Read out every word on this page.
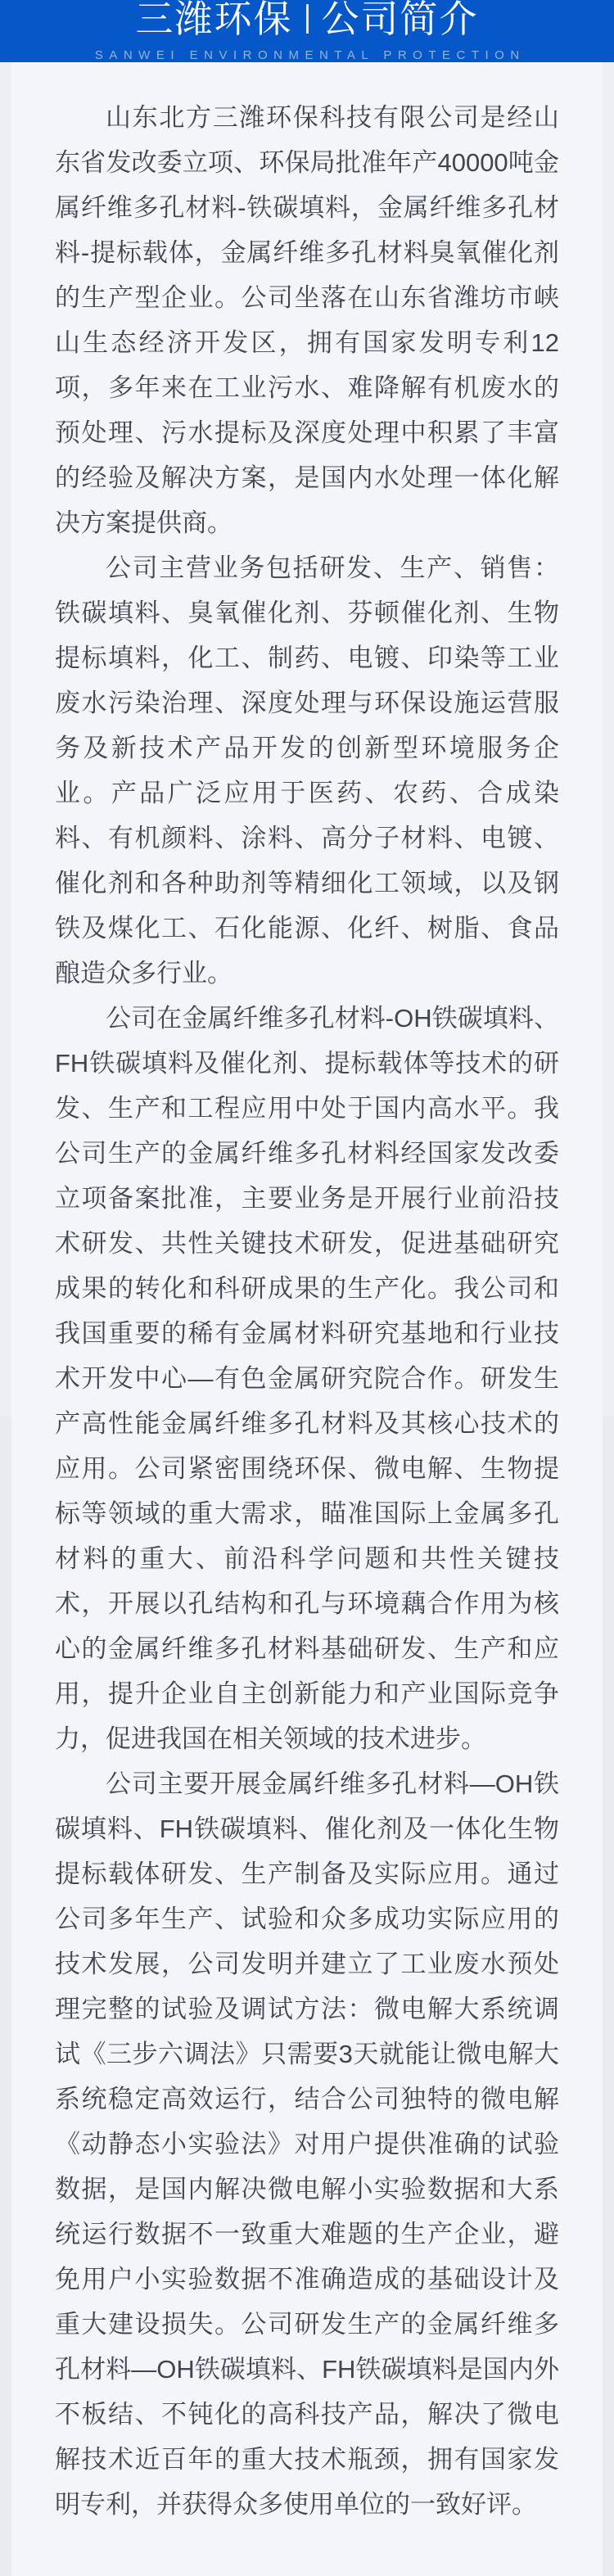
三潍环保 公司简介
SANWEI ENVIRONMENTAL PROTECTION

山东北方三潍环保科技有限公司是经山东省发改委立项、环保局批准年产40000吨金属纤维多孔材料-铁碳填料，金属纤维多孔材料-提标载体，金属纤维多孔材料臭氧催化剂的生产型企业。公司坐落在山东省潍坊市峡山生态经济开发区，拥有国家发明专利12项，多年来在工业污水、难降解有机废水的预处理、污水提标及深度处理中积累了丰富的经验及解决方案，是国内水处理一体化解决方案提供商。

公司主营业务包括研发、生产、销售：铁碳填料、臭氧催化剂、芬顿催化剂、生物提标填料，化工、制药、电镀、印染等工业废水污染治理、深度处理与环保设施运营服务及新技术产品开发的创新型环境服务企业。产品广泛应用于医药、农药、合成染料、有机颜料、涂料、高分子材料、电镀、催化剂和各种助剂等精细化工领域，以及钢铁及煤化工、石化能源、化纤、树脂、食品酿造众多行业。

公司在金属纤维多孔材料-OH铁碳填料、FH铁碳填料及催化剂、提标载体等技术的研发、生产和工程应用中处于国内高水平。我公司生产的金属纤维多孔材料经国家发改委立项备案批准，主要业务是开展行业前沿技术研发、共性关键技术研发，促进基础研究成果的转化和科研成果的生产化。我公司和我国重要的稀有金属材料研究基地和行业技术开发中心—有色金属研究院合作。研发生产高性能金属纤维多孔材料及其核心技术的应用。公司紧密围绕环保、微电解、生物提标等领域的重大需求，瞄准国际上金属多孔材料的重大、前沿科学问题和共性关键技术，开展以孔结构和孔与环境藕合作用为核心的金属纤维多孔材料基础研发、生产和应用，提升企业自主创新能力和产业国际竞争力，促进我国在相关领域的技术进步。

公司主要开展金属纤维多孔材料—OH铁碳填料、FH铁碳填料、催化剂及一体化生物提标载体研发、生产制备及实际应用。通过公司多年生产、试验和众多成功实际应用的技术发展，公司发明并建立了工业废水预处理完整的试验及调试方法：微电解大系统调试《三步六调法》只需要3天就能让微电解大系统稳定高效运行，结合公司独特的微电解《动静态小实验法》对用户提供准确的试验数据，是国内解决微电解小实验数据和大系统运行数据不一致重大难题的生产企业，避免用户小实验数据不准确造成的基础设计及重大建设损失。公司研发生产的金属纤维多孔材料—OH铁碳填料、FH铁碳填料是国内外不板结、不钝化的高科技产品，解决了微电解技术近百年的重大技术瓶颈，拥有国家发明专利，并获得众多使用单位的一致好评。
